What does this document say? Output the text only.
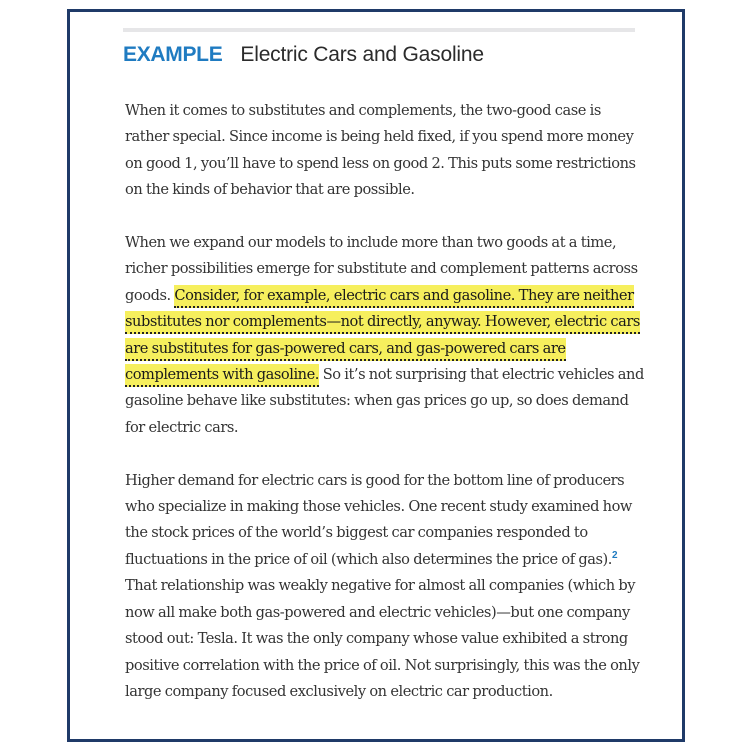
EXAMPLE Electric Cars and Gasoline

When it comes to substitutes and complements, the two-good case is rather special. Since income is being held fixed, if you spend more money on good 1, you’ll have to spend less on good 2. This puts some restrictions on the kinds of behavior that are possible.

When we expand our models to include more than two goods at a time, richer possibilities emerge for substitute and complement patterns across goods. Consider, for example, electric cars and gasoline. They are neither substitutes nor complements—not directly, anyway. However, electric cars are substitutes for gas-powered cars, and gas-powered cars are complements with gasoline. So it’s not surprising that electric vehicles and gasoline behave like substitutes: when gas prices go up, so does demand for electric cars.

Higher demand for electric cars is good for the bottom line of producers who specialize in making those vehicles. One recent study examined how the stock prices of the world’s biggest car companies responded to fluctuations in the price of oil (which also determines the price of gas).$^2$ That relationship was weakly negative for almost all companies (which by now all make both gas-powered and electric vehicles)—but one company stood out: Tesla. It was the only company whose value exhibited a strong positive correlation with the price of oil. Not surprisingly, this was the only large company focused exclusively on electric car production.
